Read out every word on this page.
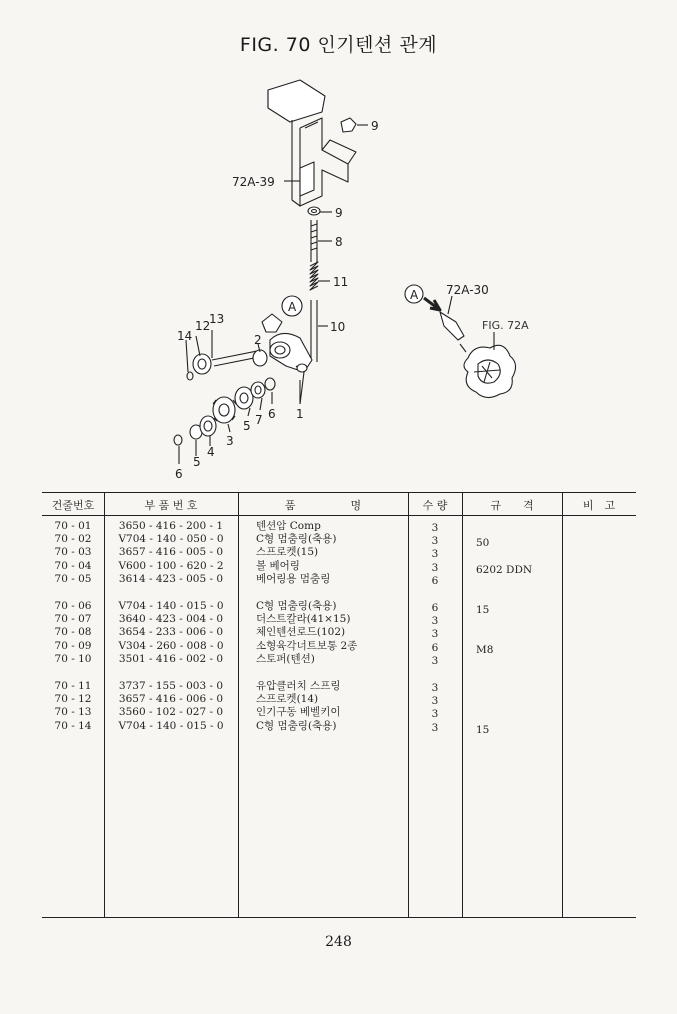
FIG. 70 인기텐션 관계
9
72A-39
9
8
11
10
A
13
12
14	2
1
6
7
5
4
3
6
5
A 72A-30
FIG. 72A
건줄번호	부 품 번 호	품　　　　　명	수 량	규　　격	비　고
70 - 01	3650 - 416 - 200 - 1	텐션암 Comp	3
70 - 02	V704 - 140 - 050 - 0	C형 멈춤링(축용)	3	50
70 - 03	3657 - 416 - 005 - 0	스프로켓(15)	3
70 - 04	V600 - 100 - 620 - 2	볼 베어링	3	6202 DDN
70 - 05	3614 - 423 - 005 - 0	베어링용 멈춤링	6
70 - 06	V704 - 140 - 015 - 0	C형 멈춤링(축용)	6	15
70 - 07	3640 - 423 - 004 - 0	더스트칼라(41×15)	3
70 - 08	3654 - 233 - 006 - 0	체인텐션로드(102)	3
70 - 09	V304 - 260 - 008 - 0	소형육각너트보통 2종	6	M8
70 - 10	3501 - 416 - 002 - 0	스토퍼(텐션)	3
70 - 11	3737 - 155 - 003 - 0	유압클러치 스프링	3
70 - 12	3657 - 416 - 006 - 0	스프로켓(14)	3
70 - 13	3560 - 102 - 027 - 0	인기구동 베벨키이	3
70 - 14	V704 - 140 - 015 - 0	C형 멈춤링(축용)	3	15
248
